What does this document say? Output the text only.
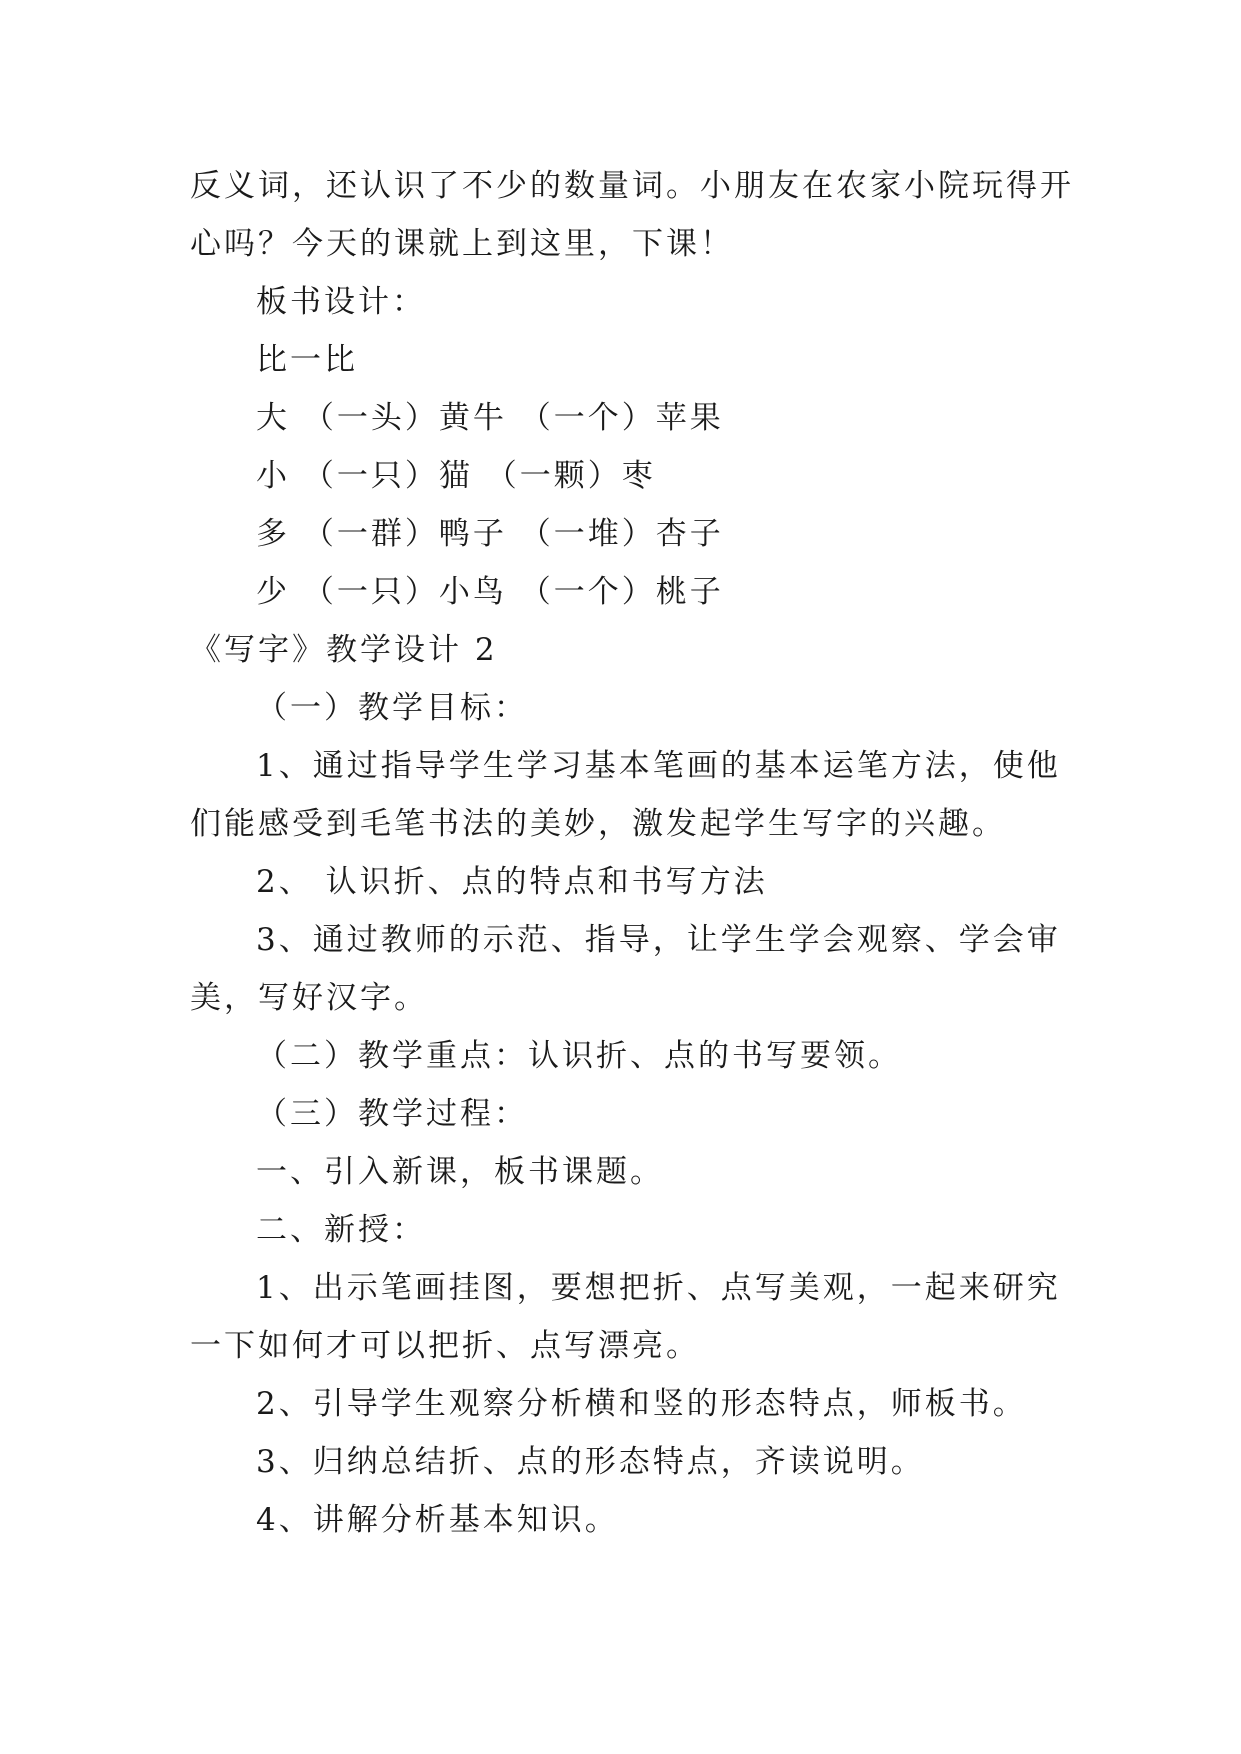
反义词，还认识了不少的数量词。小朋友在农家小院玩得开
心吗？今天的课就上到这里，下课！
板书设计：
比一比
大 （一头）黄牛 （一个）苹果
小 （一只）猫 （一颗）枣
多 （一群）鸭子 （一堆）杏子
少 （一只）小鸟 （一个）桃子
《写字》教学设计 2
（一）教学目标：
1、通过指导学生学习基本笔画的基本运笔方法，使他
们能感受到毛笔书法的美妙，激发起学生写字的兴趣。
2、 认识折、点的特点和书写方法
3、通过教师的示范、指导，让学生学会观察、学会审
美，写好汉字。
（二）教学重点：认识折、点的书写要领。
（三）教学过程：
一、引入新课，板书课题。
二、新授：
1、出示笔画挂图，要想把折、点写美观，一起来研究
一下如何才可以把折、点写漂亮。
2、引导学生观察分析横和竖的形态特点，师板书。
3、归纳总结折、点的形态特点，齐读说明。
4、讲解分析基本知识。
